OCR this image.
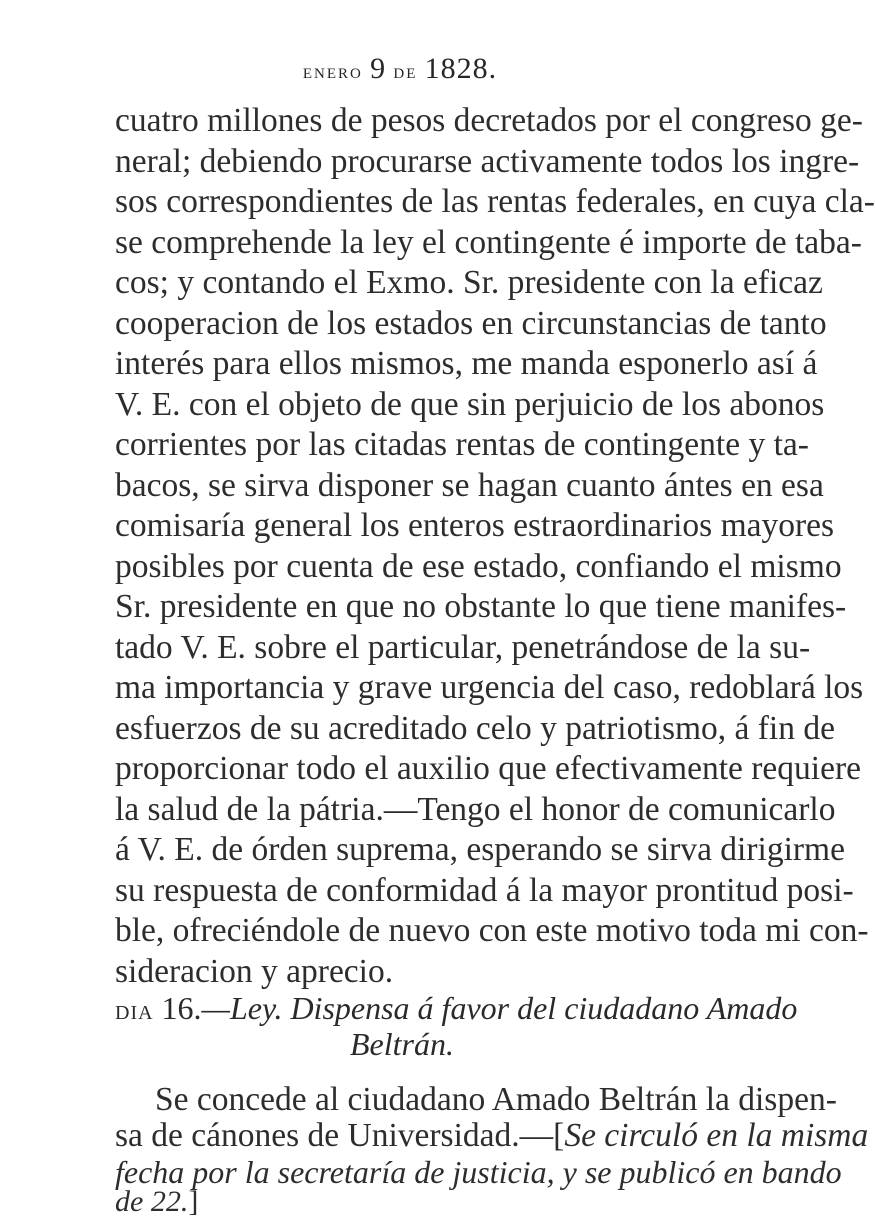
enero 9 de 1828.
cuatro millones de pesos decretados por el congreso ge-
neral; debiendo procurarse activamente todos los ingre-
sos correspondientes de las rentas federales, en cuya cla-
se comprehende la ley el contingente é importe de taba-
cos; y contando el Exmo. Sr. presidente con la eficaz
cooperacion de los estados en circunstancias de tanto
interés para ellos mismos, me manda esponerlo así á
V. E. con el objeto de que sin perjuicio de los abonos
corrientes por las citadas rentas de contingente y ta-
bacos, se sirva disponer se hagan cuanto ántes en esa
comisaría general los enteros estraordinarios mayores
posibles por cuenta de ese estado, confiando el mismo
Sr. presidente en que no obstante lo que tiene manifes-
tado V. E. sobre el particular, penetrándose de la su-
ma importancia y grave urgencia del caso, redoblará los
esfuerzos de su acreditado celo y patriotismo, á fin de
proporcionar todo el auxilio que efectivamente requiere
la salud de la pátria.—Tengo el honor de comunicarlo
á V. E. de órden suprema, esperando se sirva dirigirme
su respuesta de conformidad á la mayor prontitud posi-
ble, ofreciéndole de nuevo con este motivo toda mi con-
sideracion y aprecio.
dia 16.—Ley. Dispensa á favor del ciudadano Amado
Beltrán.
Se concede al ciudadano Amado Beltrán la dispen-
sa de cánones de Universidad.—[Se circuló en la misma
fecha por la secretaría de justicia, y se publicó en bando
de 22.]
